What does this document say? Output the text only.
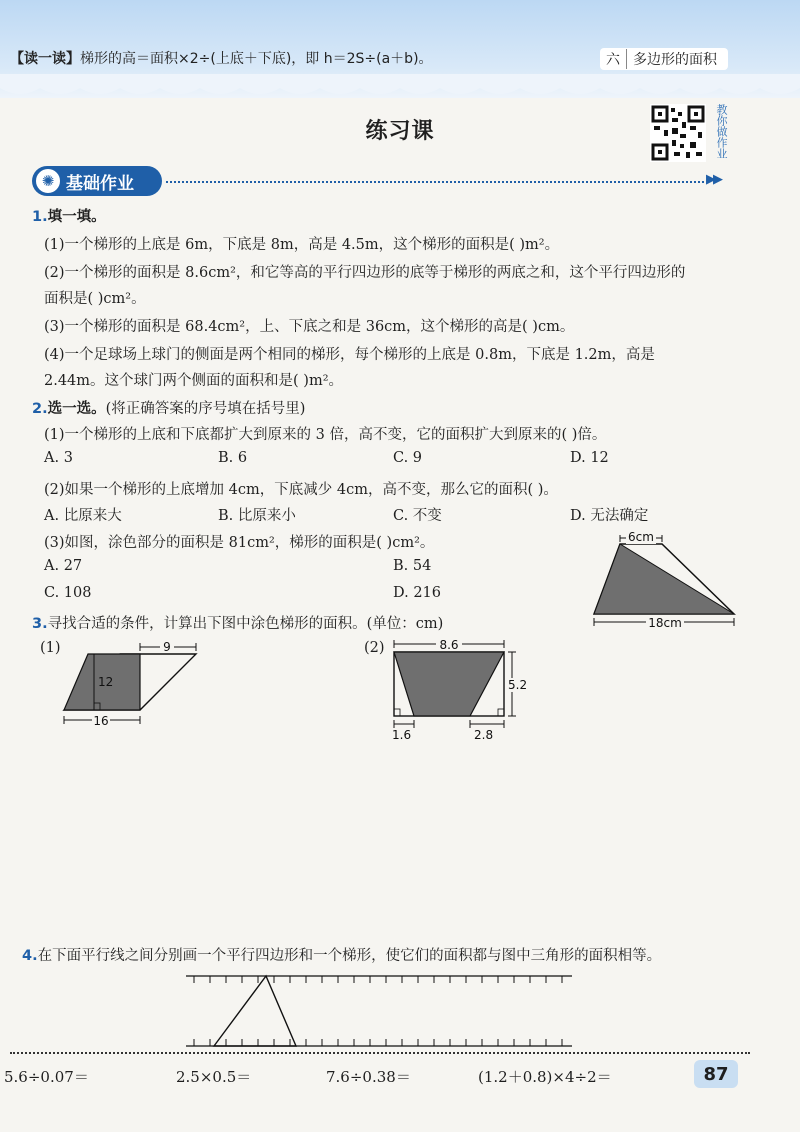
【读一读】梯形的高＝面积×2÷(上底＋下底)，即 h＝2S÷(a＋b)。	六 多边形的面积
练习课	教你做作业
✺ 基础作业	▶▶
1.填一填。
(1)一个梯形的上底是 6m，下底是 8m，高是 4.5m，这个梯形的面积是( )m²。
(2)一个梯形的面积是 8.6cm²，和它等高的平行四边形的底等于梯形的两底之和，这个平行四边形的
面积是( )cm²。
(3)一个梯形的面积是 68.4cm²，上、下底之和是 36cm，这个梯形的高是( )cm。
(4)一个足球场上球门的侧面是两个相同的梯形，每个梯形的上底是 0.8m，下底是 1.2m，高是
2.44m。这个球门两个侧面的面积和是( )m²。
2.选一选。(将正确答案的序号填在括号里)
(1)一个梯形的上底和下底都扩大到原来的 3 倍，高不变，它的面积扩大到原来的( )倍。
A. 3	B. 6	C. 9	D. 12
(2)如果一个梯形的上底增加 4cm，下底减少 4cm，高不变，那么它的面积( )。
A. 比原来大	B. 比原来小	C. 不变	D. 无法确定
(3)如图，涂色部分的面积是 81cm²，梯形的面积是( )cm²。
A. 27	B. 54
C. 108	D. 216
6cm
18cm
3.寻找合适的条件，计算出下图中涂色梯形的面积。(单位：cm)
(1)	9
12
16
(2)	8.6
5.2
1.6	2.8
4.在下面平行线之间分别画一个平行四边形和一个梯形，使它们的面积都与图中三角形的面积相等。
5.6÷0.07＝	2.5×0.5＝	7.6÷0.38＝	(1.2＋0.8)×4÷2＝	87
